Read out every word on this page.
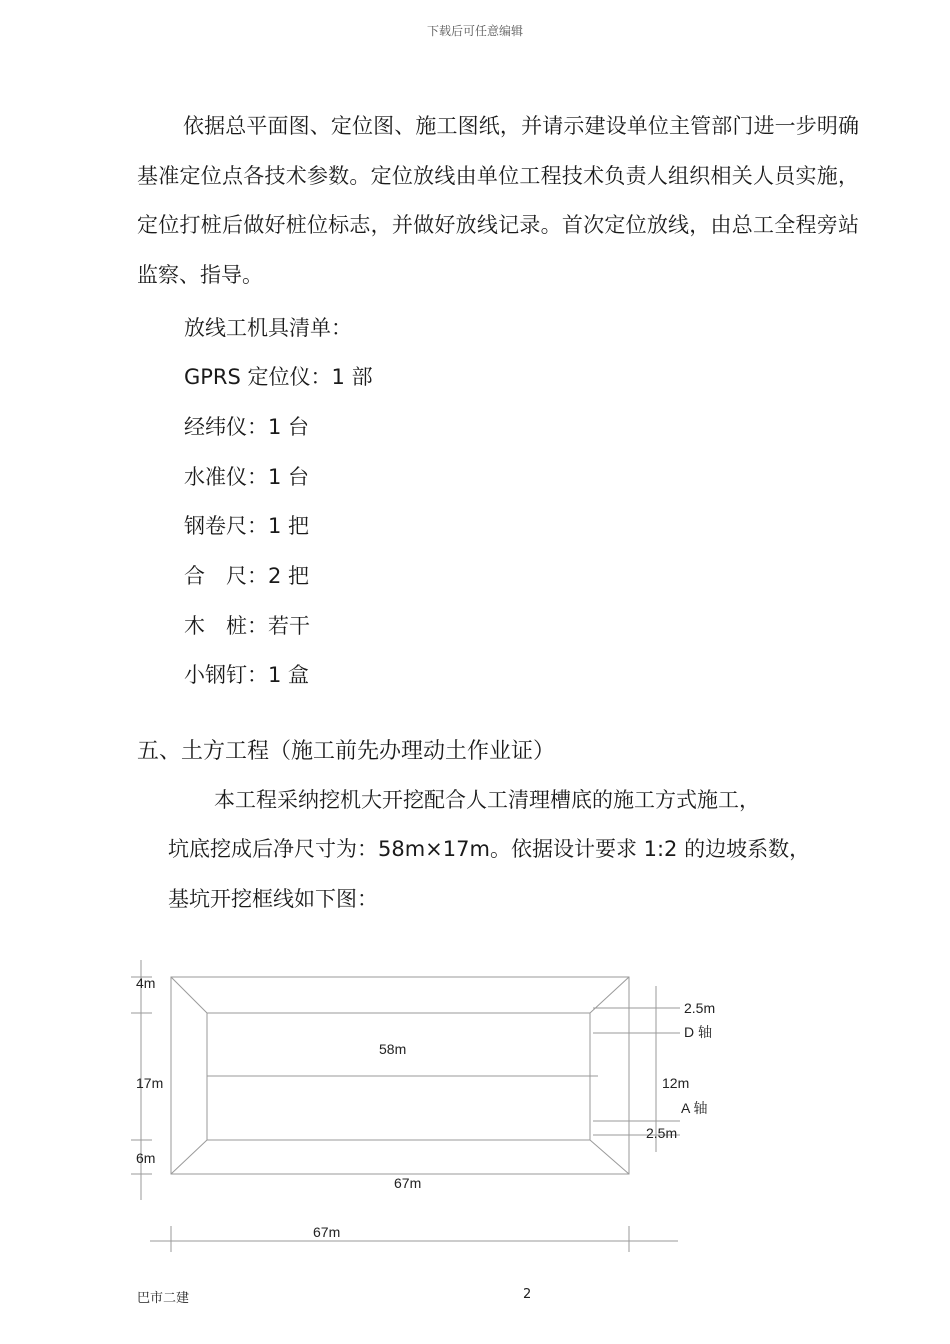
下载后可任意编辑

依据总平面图、定位图、施工图纸，并请示建设单位主管部门进一步明确基准定位点各技术参数。定位放线由单位工程技术负责人组织相关人员实施，定位打桩后做好桩位标志，并做好放线记录。首次定位放线，由总工全程旁站监察、指导。

放线工机具清单：
GPRS 定位仪：1 部
经纬仪：1 台
水准仪：1 台
钢卷尺：1 把
合　尺：2 把
木　桩：若干
小钢钉：1 盒
五、土方工程（施工前先办理动土作业证）
本工程采纳挖机大开挖配合人工清理槽底的施工方式施工，
坑底挖成后净尺寸为：58m×17m。依据设计要求 1:2 的边坡系数，
基坑开挖框线如下图：
4m
17m
6m
58m
67m
67m
2.5m
D 轴
12m
A 轴
2.5m
巴市二建	2
